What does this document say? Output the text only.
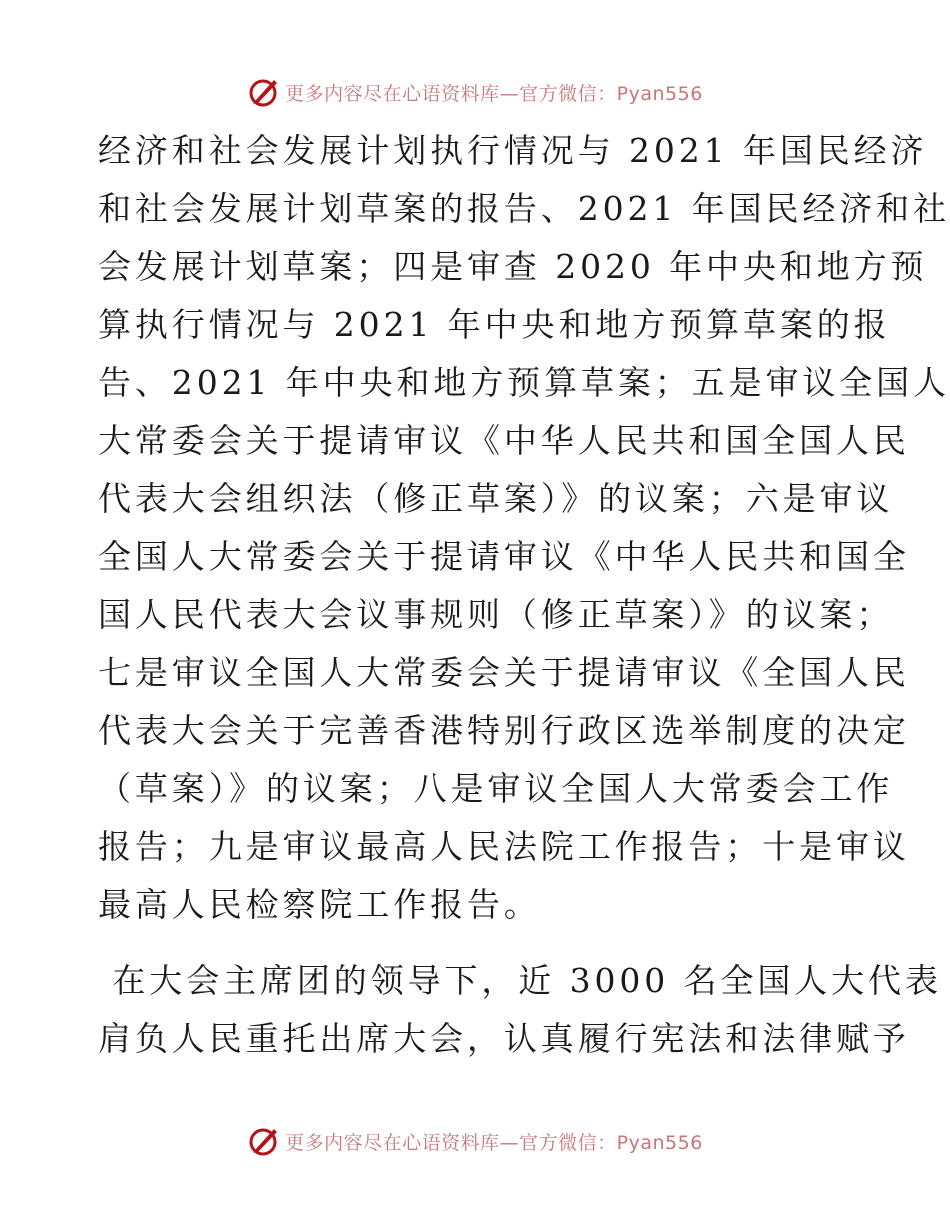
更多内容尽在心语资料库—官方微信：Pyan556
经济和社会发展计划执行情况与 2021 年国民经济
和社会发展计划草案的报告、2021 年国民经济和社
会发展计划草案；四是审查 2020 年中央和地方预
算执行情况与 2021 年中央和地方预算草案的报
告、2021 年中央和地方预算草案；五是审议全国人
大常委会关于提请审议《中华人民共和国全国人民
代表大会组织法（修正草案）》的议案；六是审议
全国人大常委会关于提请审议《中华人民共和国全
国人民代表大会议事规则（修正草案）》的议案；
七是审议全国人大常委会关于提请审议《全国人民
代表大会关于完善香港特别行政区选举制度的决定
（草案）》的议案；八是审议全国人大常委会工作
报告；九是审议最高人民法院工作报告；十是审议
最高人民检察院工作报告。
在大会主席团的领导下，近 3000 名全国人大代表
肩负人民重托出席大会，认真履行宪法和法律赋予
更多内容尽在心语资料库—官方微信：Pyan556
